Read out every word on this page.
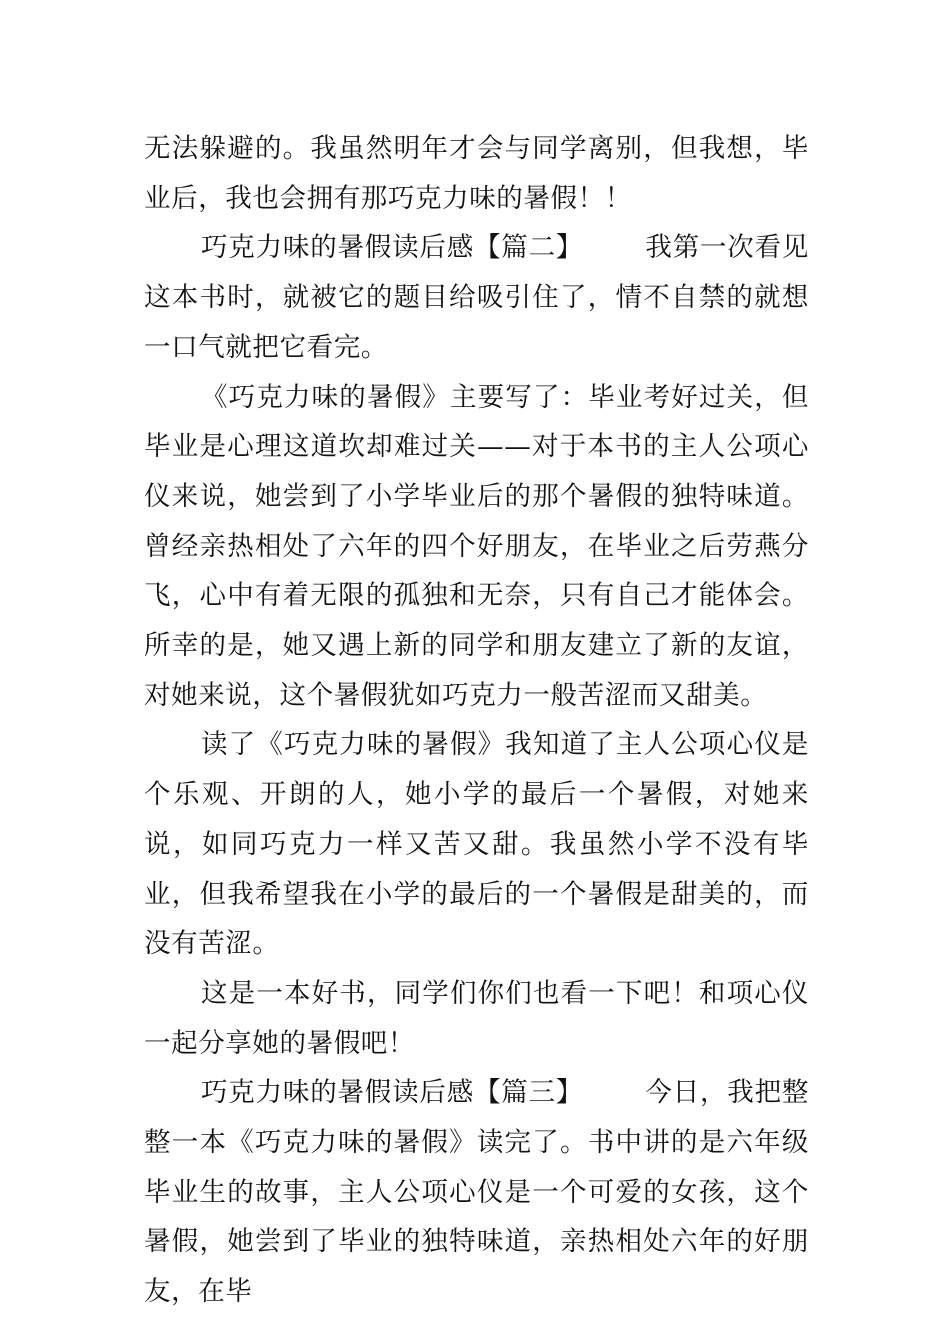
无法躲避的。我虽然明年才会与同学离别，但我想，毕业后，我也会拥有那巧克力味的暑假！！

巧克力味的暑假读后感【篇二】 我第一次看见这本书时，就被它的题目给吸引住了，情不自禁的就想一口气就把它看完。

《巧克力味的暑假》主要写了：毕业考好过关，但毕业是心理这道坎却难过关——对于本书的主人公项心仪来说，她尝到了小学毕业后的那个暑假的独特味道。曾经亲热相处了六年的四个好朋友，在毕业之后劳燕分飞，心中有着无限的孤独和无奈，只有自己才能体会。所幸的是，她又遇上新的同学和朋友建立了新的友谊，对她来说，这个暑假犹如巧克力一般苦涩而又甜美。

读了《巧克力味的暑假》我知道了主人公项心仪是个乐观、开朗的人，她小学的最后一个暑假，对她来说，如同巧克力一样又苦又甜。我虽然小学不没有毕业，但我希望我在小学的最后的一个暑假是甜美的，而没有苦涩。

这是一本好书，同学们你们也看一下吧！和项心仪一起分享她的暑假吧！

巧克力味的暑假读后感【篇三】 今日，我把整整一本《巧克力味的暑假》读完了。书中讲的是六年级毕业生的故事，主人公项心仪是一个可爱的女孩，这个暑假，她尝到了毕业的独特味道，亲热相处六年的好朋友，在毕
